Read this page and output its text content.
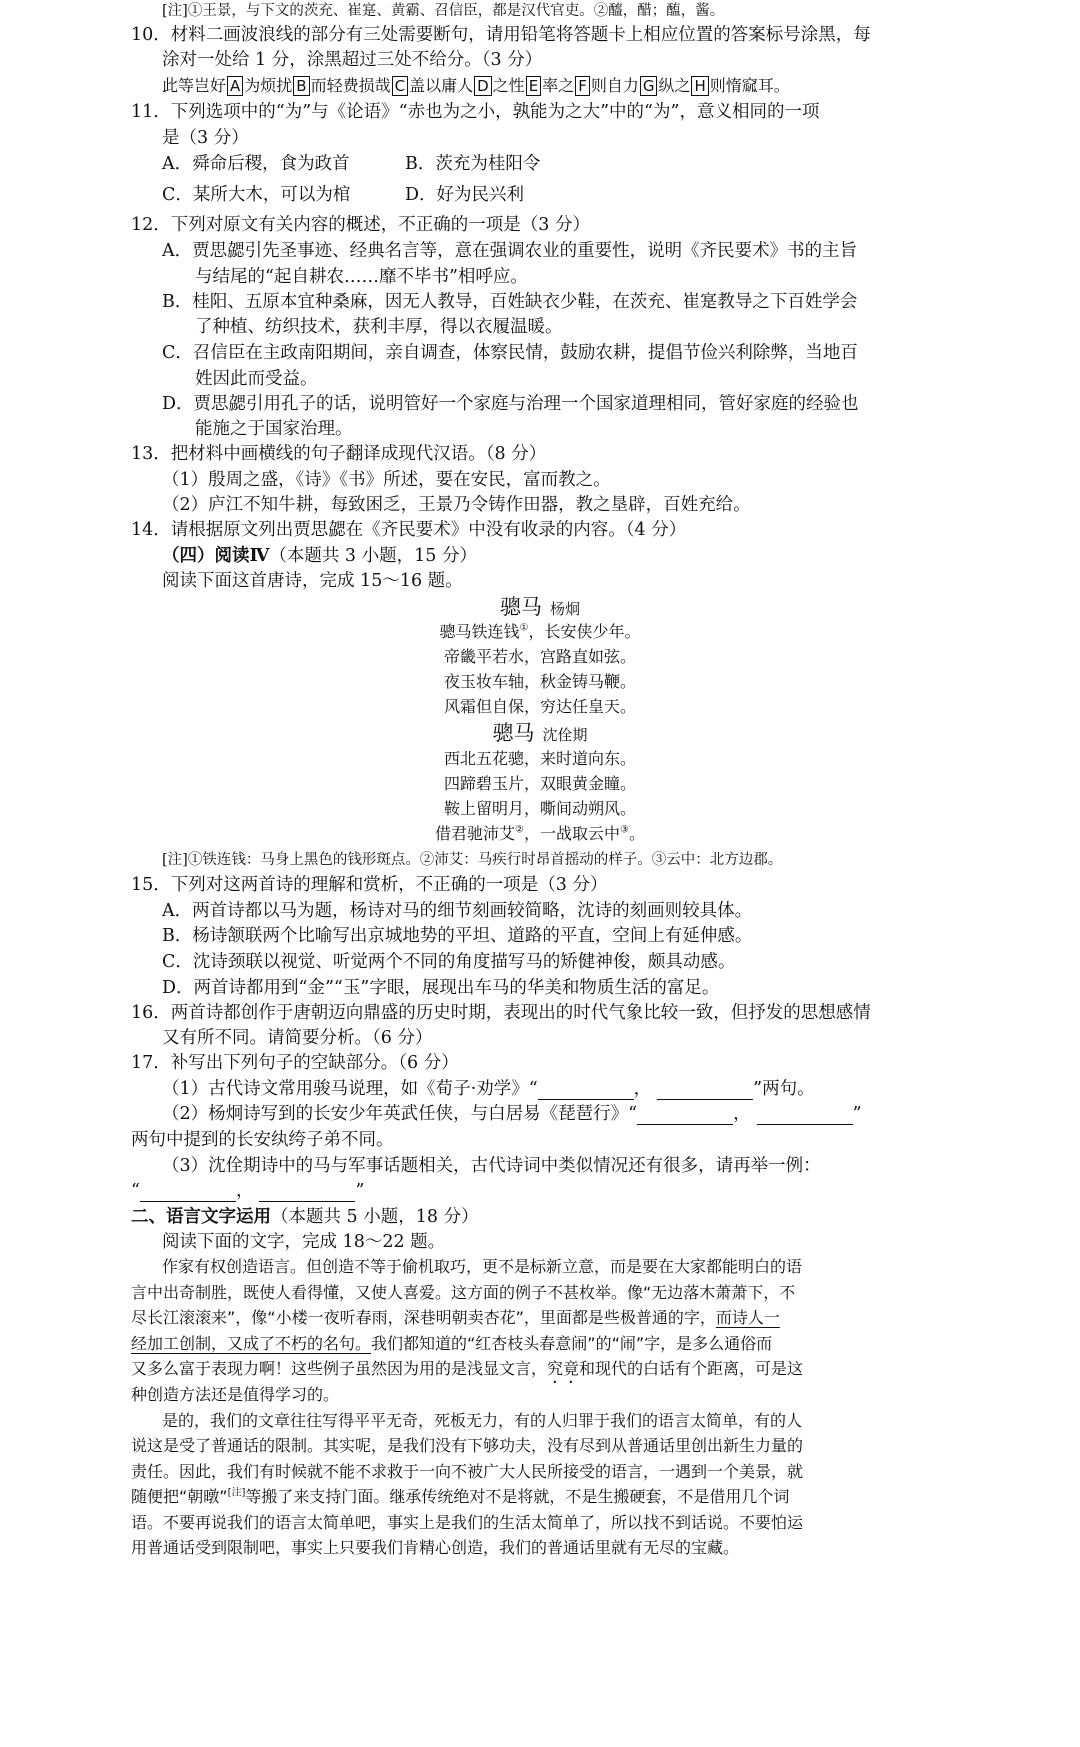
[注]①王景，与下文的茨充、崔寔、黄霸、召信臣，都是汉代官吏。②醯，醋；醢，酱。
10．材料二画波浪线的部分有三处需要断句，请用铅笔将答题卡上相应位置的答案标号涂黑，每
涂对一处给 1 分，涂黑超过三处不给分。（3 分）
此等岂好 A 为烦扰 B 而轻费损哉 C 盖以庸人 D 之性 E 率之 F 则自力 G 纵之 H 则惰窳耳。
11．下列选项中的“为”与《论语》“赤也为之小，孰能为之大”中的“为”，意义相同的一项
是（3 分）
A．舜命后稷，食为政首	B．茨充为桂阳令
C．某所大木，可以为棺	D．好为民兴利
12．下列对原文有关内容的概述，不正确的一项是（3 分）
A．贾思勰引先圣事迹、经典名言等，意在强调农业的重要性，说明《齐民要术》书的主旨
与结尾的“起自耕农……靡不毕书”相呼应。
B．桂阳、五原本宜种桑麻，因无人教导，百姓缺衣少鞋，在茨充、崔寔教导之下百姓学会
了种植、纺织技术，获利丰厚，得以衣履温暖。
C．召信臣在主政南阳期间，亲自调查，体察民情，鼓励农耕，提倡节俭兴利除弊，当地百
姓因此而受益。
D．贾思勰引用孔子的话，说明管好一个家庭与治理一个国家道理相同，管好家庭的经验也
能施之于国家治理。
13．把材料中画横线的句子翻译成现代汉语。（8 分）
（1）殷周之盛，《诗》《书》所述，要在安民，富而教之。
（2）庐江不知牛耕，每致困乏，王景乃令铸作田器，教之垦辟，百姓充给。
14．请根据原文列出贾思勰在《齐民要术》中没有收录的内容。（4 分）
（四）阅读Ⅳ（本题共 3 小题，15 分）
阅读下面这首唐诗，完成 15～16 题。
骢马 杨炯
骢马铁连钱①，长安侠少年。
帝畿平若水，宫路直如弦。
夜玉妆车轴，秋金铸马鞭。
风霜但自保，穷达任皇天。
骢马 沈佺期
西北五花骢，来时道向东。
四蹄碧玉片，双眼黄金瞳。
鞍上留明月，嘶间动朔风。
借君驰沛艾②，一战取云中③。
[注]①铁连钱：马身上黑色的钱形斑点。②沛艾：马疾行时昂首摇动的样子。③云中：北方边郡。
15．下列对这两首诗的理解和赏析，不正确的一项是（3 分）
A．两首诗都以马为题，杨诗对马的细节刻画较简略，沈诗的刻画则较具体。
B．杨诗颔联两个比喻写出京城地势的平坦、道路的平直，空间上有延伸感。
C．沈诗颈联以视觉、听觉两个不同的角度描写马的矫健神俊，颇具动感。
D．两首诗都用到“金”“玉”字眼，展现出车马的华美和物质生活的富足。
16．两首诗都创作于唐朝迈向鼎盛的历史时期，表现出的时代气象比较一致，但抒发的思想感情
又有所不同。请简要分析。（6 分）
17．补写出下列句子的空缺部分。（6 分）
（1）古代诗文常用骏马说理，如《荀子·劝学》“	，	”两句。
（2）杨炯诗写到的长安少年英武任侠，与白居易《琵琶行》“	，	”
两句中提到的长安纨绔子弟不同。
（3）沈佺期诗中的马与军事话题相关，古代诗词中类似情况还有很多，请再举一例：
“	，	”
二、语言文字运用（本题共 5 小题，18 分）
阅读下面的文字，完成 18～22 题。
作家有权创造语言。但创造不等于偷机取巧，更不是标新立意，而是要在大家都能明白的语
言中出奇制胜，既使人看得懂，又使人喜爱。这方面的例子不甚枚举。像“无边落木萧萧下，不
尽长江滚滚来”，像“小楼一夜听春雨，深巷明朝卖杏花”，里面都是些极普通的字，而诗人一
经加工创制，又成了不朽的名句。我们都知道的“红杏枝头春意闹”的“闹”字，是多么通俗而
又多么富于表现力啊！这些例子虽然因为用的是浅显文言，究竟和现代的白话有个距离，可是这
种创造方法还是值得学习的。
是的，我们的文章往往写得平平无奇，死板无力，有的人归罪于我们的语言太简单，有的人
说这是受了普通话的限制。其实呢，是我们没有下够功夫，没有尽到从普通话里创出新生力量的
责任。因此，我们有时候就不能不求救于一向不被广大人民所接受的语言，一遇到一个美景，就
随便把“朝暾”[注]等搬了来支持门面。继承传统绝对不是将就，不是生搬硬套，不是借用几个词
语。不要再说我们的语言太简单吧，事实上是我们的生活太简单了，所以找不到话说。不要怕运
用普通话受到限制吧，事实上只要我们肯精心创造，我们的普通话里就有无尽的宝藏。
